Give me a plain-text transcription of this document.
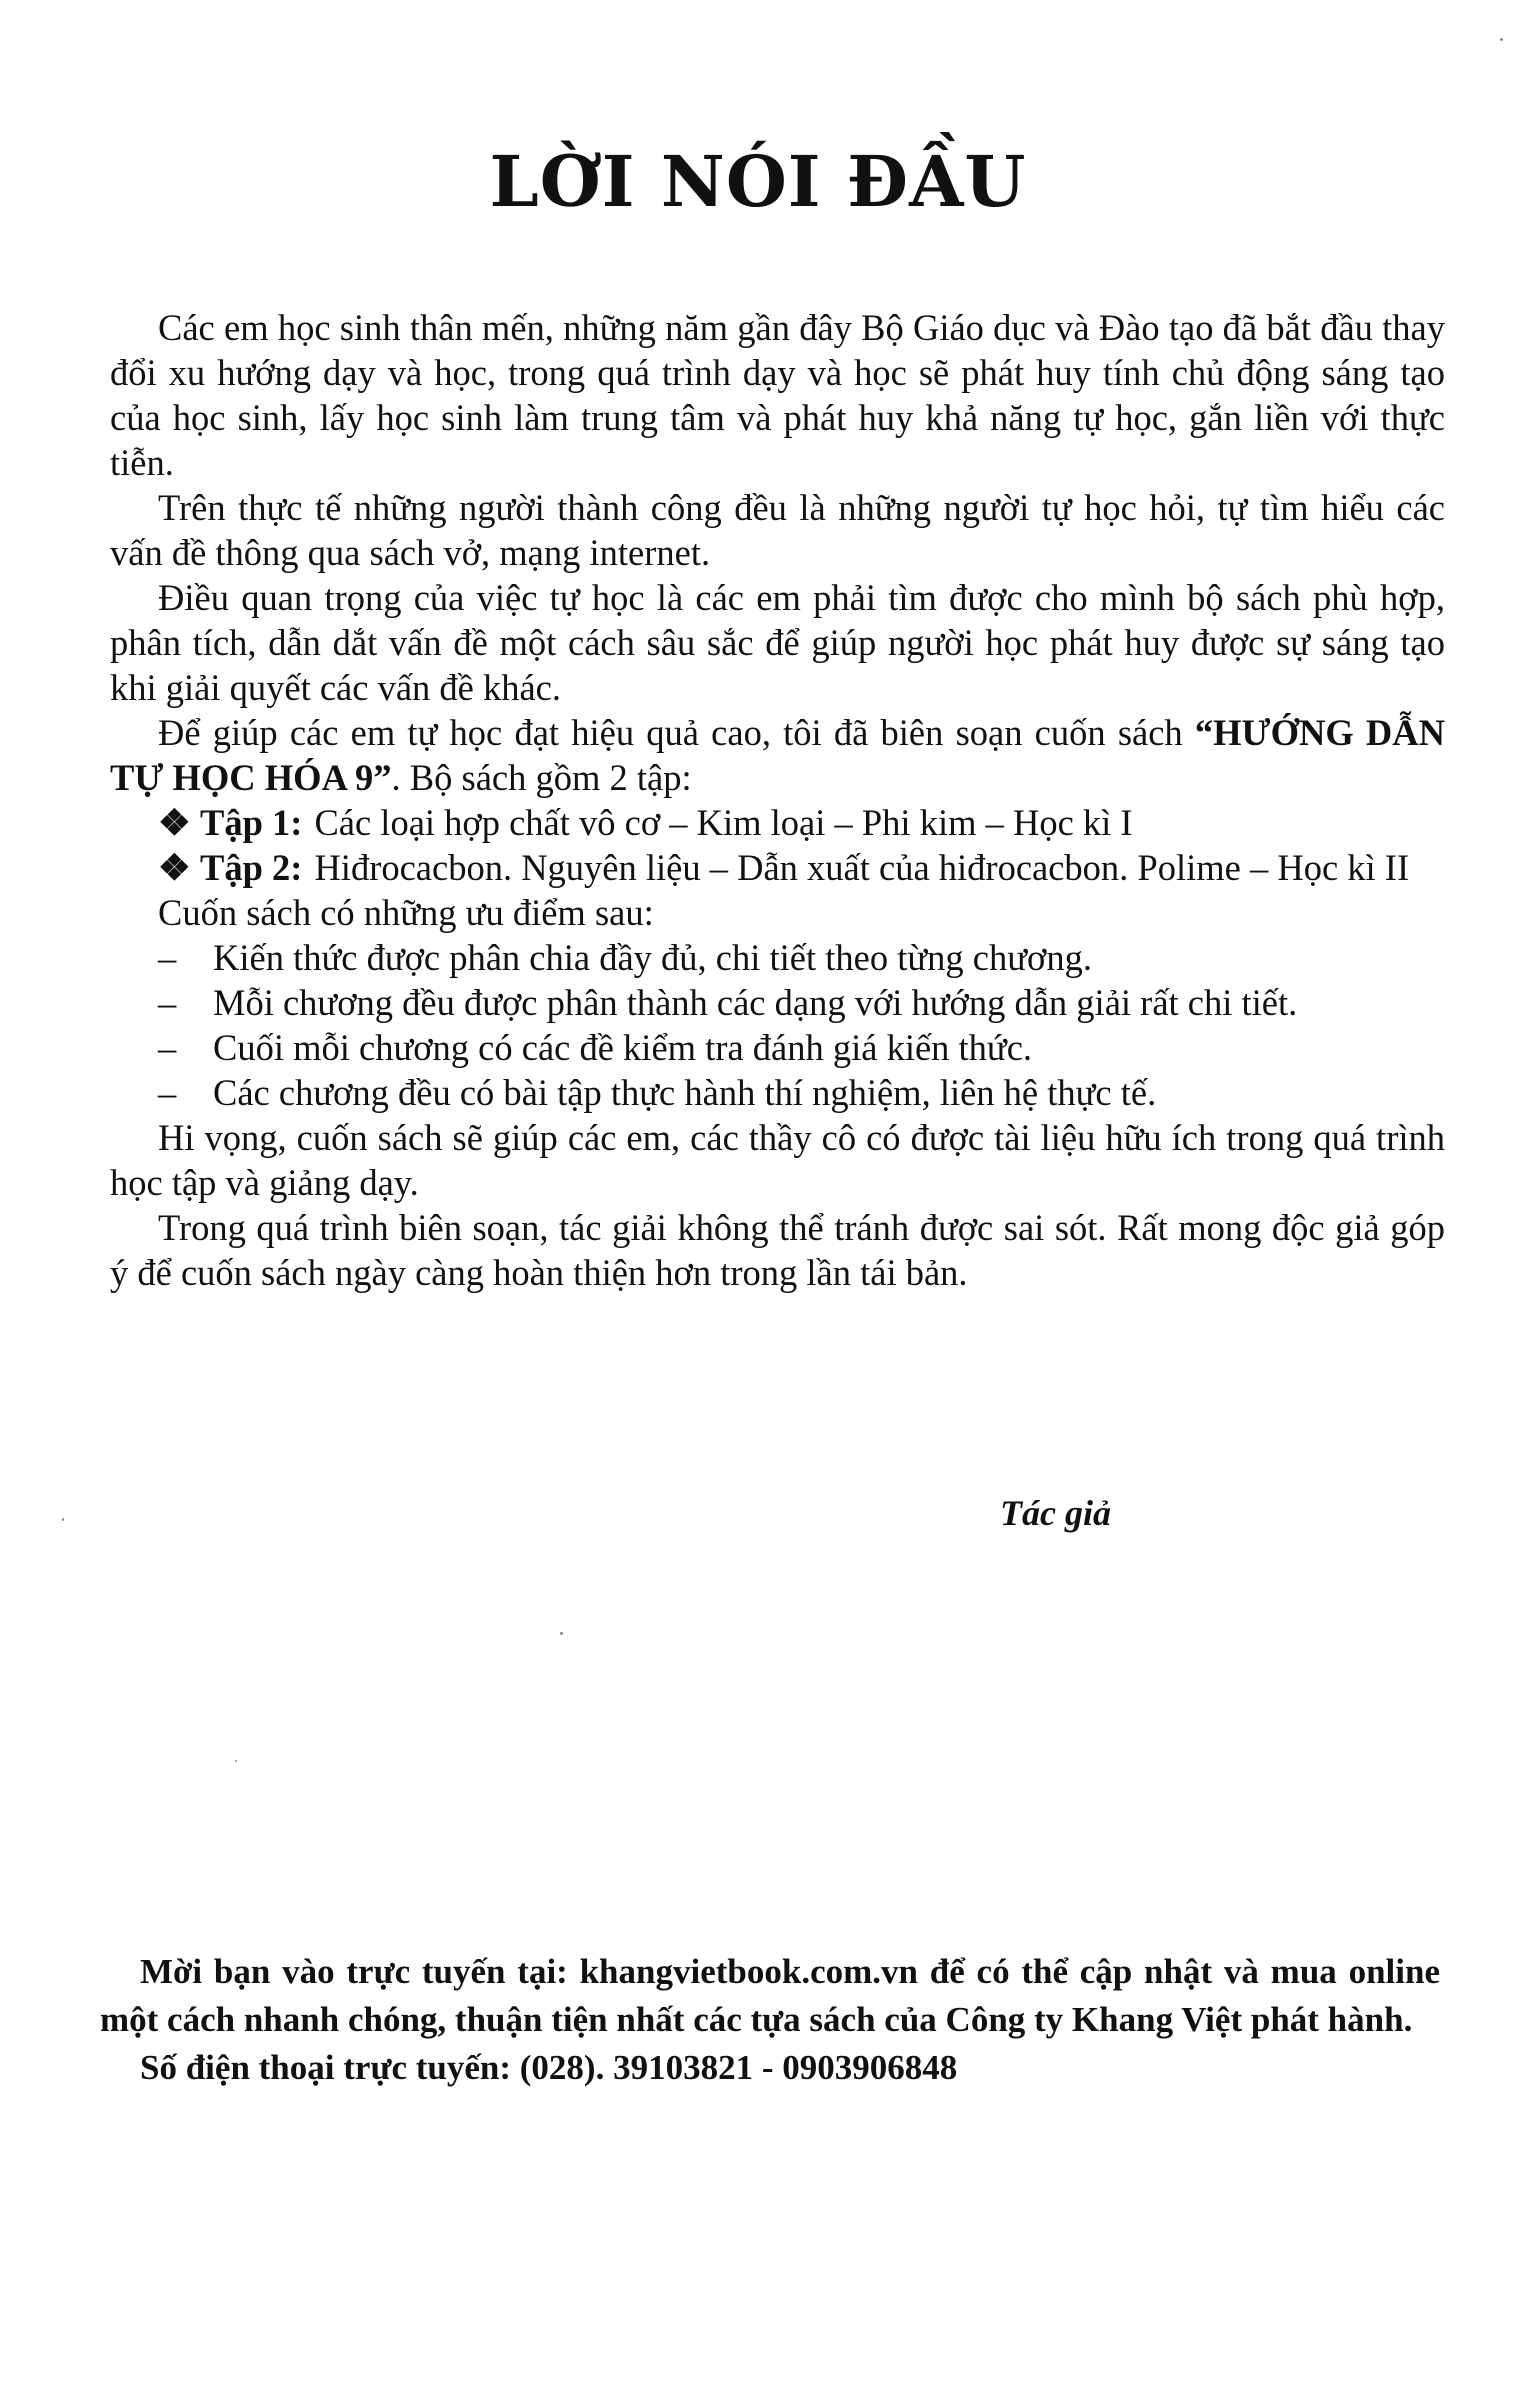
LỜI NÓI ĐẦU

Các em học sinh thân mến, những năm gần đây Bộ Giáo dục và Đào tạo đã bắt đầu thay đổi xu hướng dạy và học, trong quá trình dạy và học sẽ phát huy tính chủ động sáng tạo của học sinh, lấy học sinh làm trung tâm và phát huy khả năng tự học, gắn liền với thực tiễn.

Trên thực tế những người thành công đều là những người tự học hỏi, tự tìm hiểu các vấn đề thông qua sách vở, mạng internet.

Điều quan trọng của việc tự học là các em phải tìm được cho mình bộ sách phù hợp, phân tích, dẫn dắt vấn đề một cách sâu sắc để giúp người học phát huy được sự sáng tạo khi giải quyết các vấn đề khác.

Để giúp các em tự học đạt hiệu quả cao, tôi đã biên soạn cuốn sách “HƯỚNG DẪN TỰ HỌC HÓA 9”. Bộ sách gồm 2 tập:

❖ Tập 1: Các loại hợp chất vô cơ – Kim loại – Phi kim – Học kì I
❖ Tập 2: Hiđrocacbon. Nguyên liệu – Dẫn xuất của hiđrocacbon. Polime – Học kì II

Cuốn sách có những ưu điểm sau:

–	Kiến thức được phân chia đầy đủ, chi tiết theo từng chương.
–	Mỗi chương đều được phân thành các dạng với hướng dẫn giải rất chi tiết.
–	Cuối mỗi chương có các đề kiểm tra đánh giá kiến thức.
–	Các chương đều có bài tập thực hành thí nghiệm, liên hệ thực tế.

Hi vọng, cuốn sách sẽ giúp các em, các thầy cô có được tài liệu hữu ích trong quá trình học tập và giảng dạy.

Trong quá trình biên soạn, tác giải không thể tránh được sai sót. Rất mong độc giả góp ý để cuốn sách ngày càng hoàn thiện hơn trong lần tái bản.

Tác giả

Mời bạn vào trực tuyến tại: khangvietbook.com.vn để có thể cập nhật và mua online một cách nhanh chóng, thuận tiện nhất các tựa sách của Công ty Khang Việt phát hành.

Số điện thoại trực tuyến: (028). 39103821 - 0903906848
